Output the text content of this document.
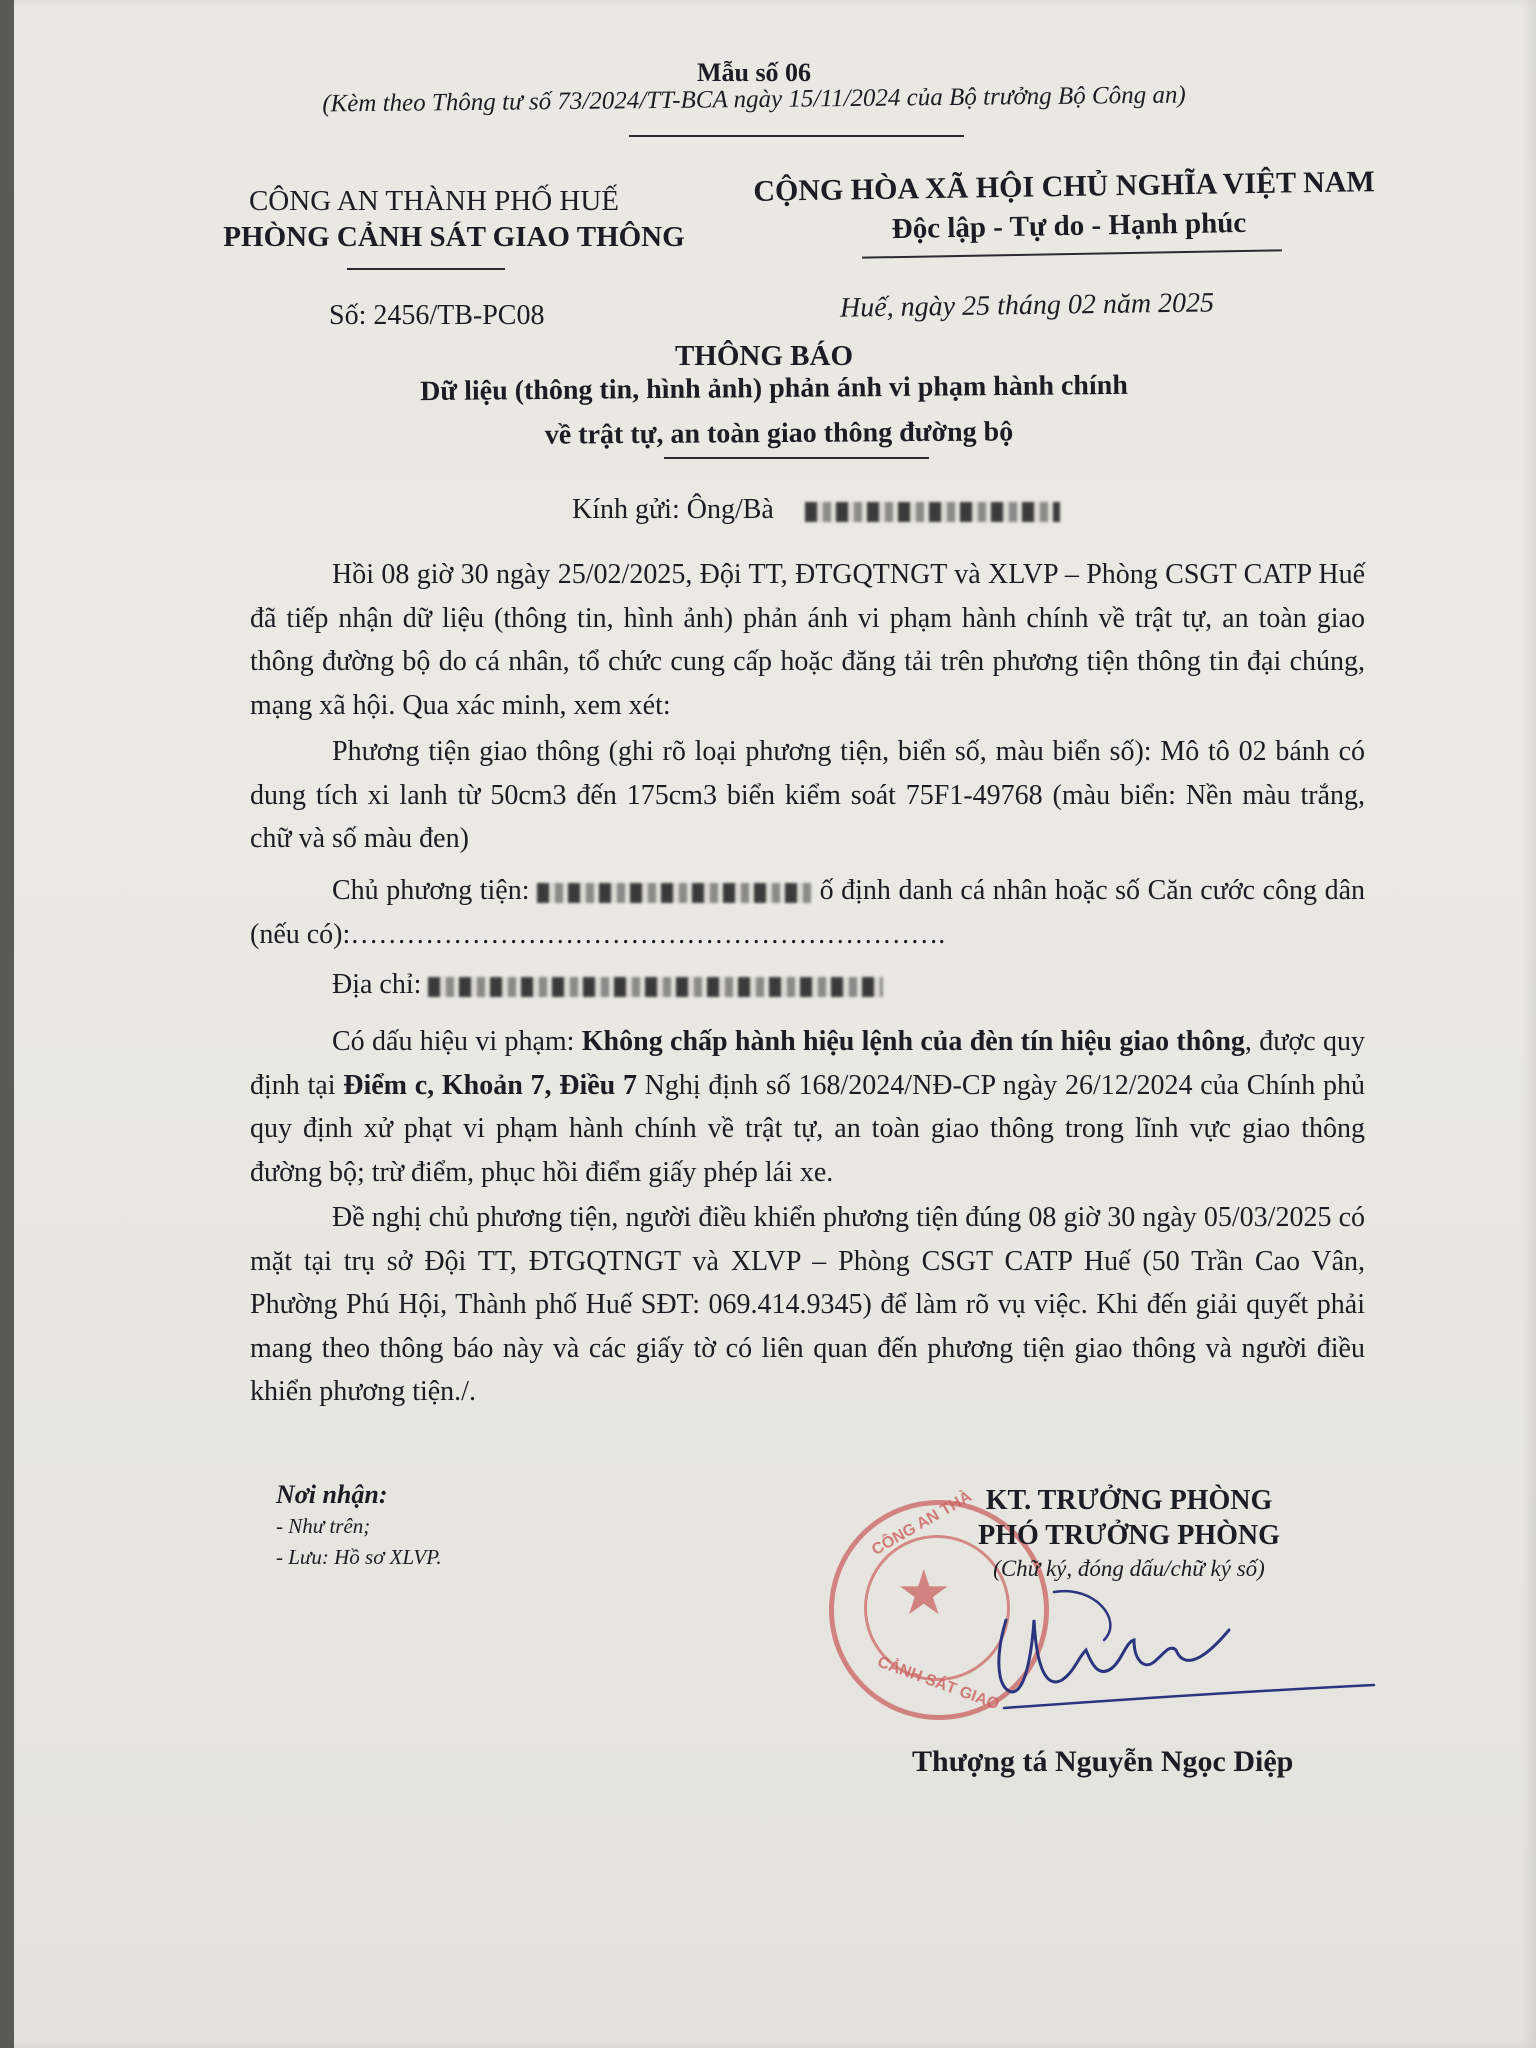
Mẫu số 06
(Kèm theo Thông tư số 73/2024/TT-BCA ngày 15/11/2024 của Bộ trưởng Bộ Công an)
CÔNG AN THÀNH PHỐ HUẾ
PHÒNG CẢNH SÁT GIAO THÔNG
CỘNG HÒA XÃ HỘI CHỦ NGHĨA VIỆT NAM
Độc lập - Tự do - Hạnh phúc
Số: 2456/TB-PC08	Huế, ngày 25 tháng 02 năm 2025
THÔNG BÁO
Dữ liệu (thông tin, hình ảnh) phản ánh vi phạm hành chính
về trật tự, an toàn giao thông đường bộ
Kính gửi: Ông/Bà
Hồi 08 giờ 30 ngày 25/02/2025, Đội TT, ĐTGQTNGT và XLVP – Phòng CSGT CATP Huế đã tiếp nhận dữ liệu (thông tin, hình ảnh) phản ánh vi phạm hành chính về trật tự, an toàn giao thông đường bộ do cá nhân, tổ chức cung cấp hoặc đăng tải trên phương tiện thông tin đại chúng, mạng xã hội. Qua xác minh, xem xét:
Phương tiện giao thông (ghi rõ loại phương tiện, biển số, màu biển số): Mô tô 02 bánh có dung tích xi lanh từ 50cm3 đến 175cm3 biển kiểm soát 75F1-49768 (màu biển: Nền màu trắng, chữ và số màu đen)
Chủ phương tiện:	ố định danh cá nhân hoặc số Căn cước công dân (nếu có):……………………………………………………….
Địa chỉ:
Có dấu hiệu vi phạm: Không chấp hành hiệu lệnh của đèn tín hiệu giao thông, được quy định tại Điểm c, Khoản 7, Điều 7 Nghị định số 168/2024/NĐ-CP ngày 26/12/2024 của Chính phủ quy định xử phạt vi phạm hành chính về trật tự, an toàn giao thông trong lĩnh vực giao thông đường bộ; trừ điểm, phục hồi điểm giấy phép lái xe.
Đề nghị chủ phương tiện, người điều khiển phương tiện đúng 08 giờ 30 ngày 05/03/2025 có mặt tại trụ sở Đội TT, ĐTGQTNGT và XLVP – Phòng CSGT CATP Huế (50 Trần Cao Vân, Phường Phú Hội, Thành phố Huế SĐT: 069.414.9345) để làm rõ vụ việc. Khi đến giải quyết phải mang theo thông báo này và các giấy tờ có liên quan đến phương tiện giao thông và người điều khiển phương tiện./.
Nơi nhận:
- Như trên;
- Lưu: Hồ sơ XLVP.
★
CÔNG AN THÀ
CẢNH SÁT GIAO
KT. TRƯỞNG PHÒNG
PHÓ TRƯỞNG PHÒNG
(Chữ ký, đóng dấu/chữ ký số)
Thượng tá Nguyễn Ngọc Diệp
